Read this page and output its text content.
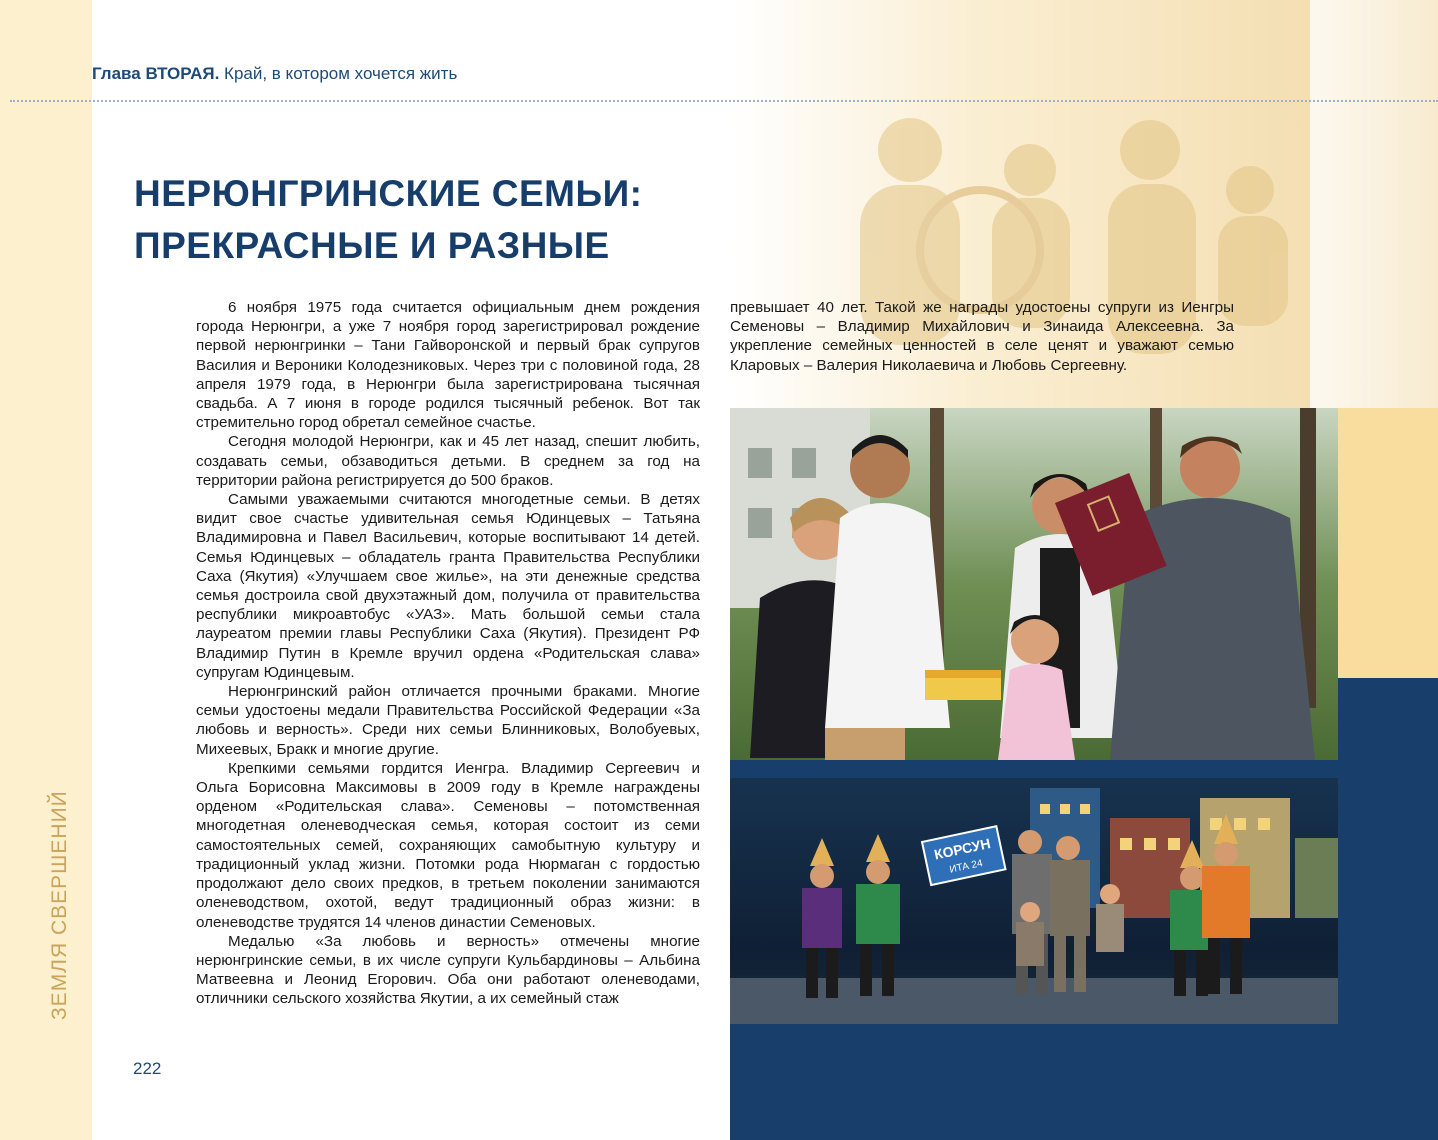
ЗЕМЛЯ СВЕРШЕНИЙ
Глава ВТОРАЯ. Край, в котором хочется жить
НЕРЮНГРИНСКИЕ СЕМЬИ:
ПРЕКРАСНЫЕ И РАЗНЫЕ

6 ноября 1975 года считается официальным днем рождения города Нерюнгри, а уже 7 ноября город зарегистрировал рождение первой нерюнгринки – Тани Гайворонской и первый брак супругов Василия и Вероники Колодезниковых. Через три с половиной года, 28 апреля 1979 года, в Нерюнгри была зарегистрирована тысячная свадьба. А 7 июня в городе родился тысячный ребенок. Вот так стремительно город обретал семейное счастье.

Сегодня молодой Нерюнгри, как и 45 лет назад, спешит любить, создавать семьи, обзаводиться детьми. В среднем за год на территории района регистрируется до 500 браков.

Самыми уважаемыми считаются многодетные семьи. В детях видит свое счастье удивительная семья Юдинцевых – Татьяна Владимировна и Павел Васильевич, которые воспитывают 14 детей. Семья Юдинцевых – обладатель гранта Правительства Республики Саха (Якутия) «Улучшаем свое жилье», на эти денежные средства семья достроила свой двухэтажный дом, получила от правительства республики микроавтобус «УАЗ». Мать большой семьи стала лауреатом премии главы Республики Саха (Якутия). Президент РФ Владимир Путин в Кремле вручил ордена «Родительская слава» супругам Юдинцевым.

Нерюнгринский район отличается прочными браками. Многие семьи удостоены медали Правительства Российской Федерации «За любовь и верность». Среди них семьи Блинниковых, Волобуевых, Михеевых, Бракк и многие другие.

Крепкими семьями гордится Иенгра. Владимир Сергеевич и Ольга Борисовна Максимовы в 2009 году в Кремле награждены орденом «Родительская слава». Семеновы – потомственная многодетная оленеводческая семья, которая состоит из семи самостоятельных семей, сохраняющих самобытную культуру и традиционный уклад жизни. Потомки рода Нюрмаган с гордостью продолжают дело своих предков, в третьем поколении занимаются оленеводством, охотой, ведут традиционный образ жизни: в оленеводстве трудятся 14 членов династии Семеновых.

Медалью «За любовь и верность» отмечены многие нерюнгринские семьи, в их числе супруги Кульбардиновы – Альбина Матвеевна и Леонид Егорович. Оба они работают оленеводами, отличники сельского хозяйства Якутии, а их семейный стаж

превышает 40 лет. Такой же награды удостоены супруги из Иенгры Семеновы – Владимир Михайлович и Зинаида Алексеевна. За укрепление семейных ценностей в селе ценят и уважают семью Клaровых – Валерия Николаевича и Любовь Сергеевну.

КОРСУН
ИТА 24
222
